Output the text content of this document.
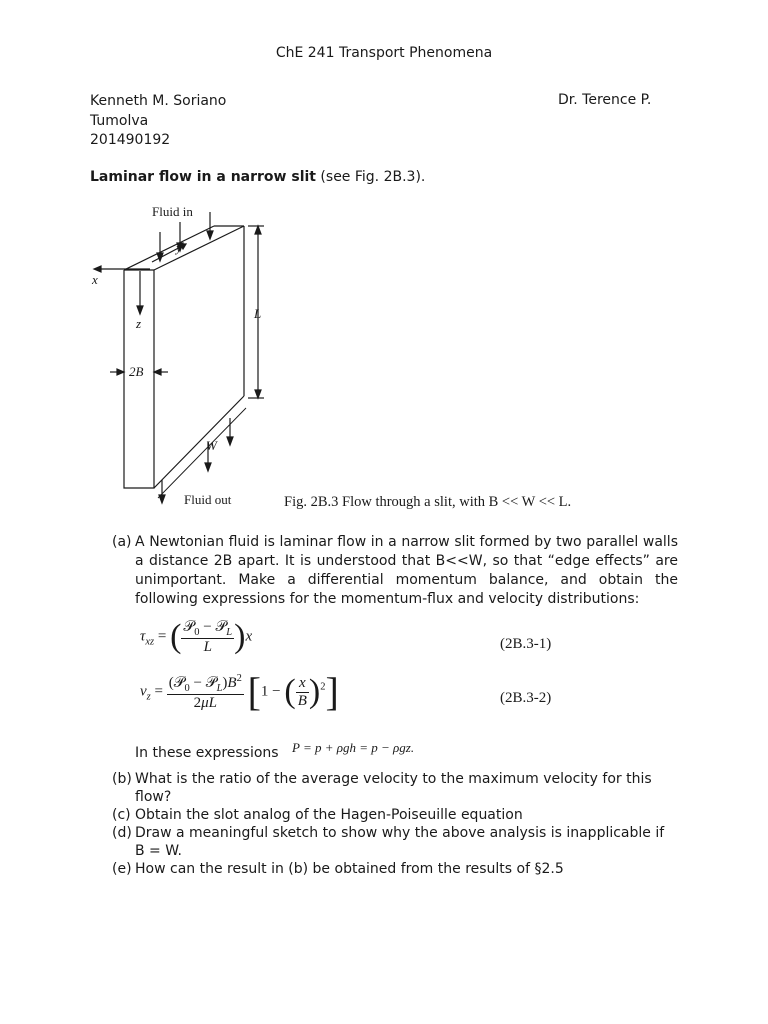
ChE 241 Transport Phenomena
Kenneth M. Soriano
Tumolva
201490192
Dr. Terence P.
Laminar flow in a narrow slit (see Fig. 2B.3).
Fluid in
y
x
z
L
2B
W
Fluid out	Fig. 2B.3 Flow through a slit, with B << W << L.
(a) A Newtonian fluid is laminar flow in a narrow slit formed by two parallel walls a distance 2B apart. It is understood that B<<W, so that “edge effects” are unimportant. Make a differential momentum balance, and obtain the following expressions for the momentum-flux and velocity distributions:
$\tau_{xz}$ = ( $\frac{𝒫_0 - 𝒫_L}{L} )x$	(2B.3-1)
$v_z = \frac{(𝒫_0 - 𝒫_L)B^2}{2\mu L} [1$ − ( $\frac{x}{B} )^2$]	(2B.3-2)
In these expressions P = p + ρgh = p − ρgz.
(b) What is the ratio of the average velocity to the maximum velocity for this flow?
(c) Obtain the slot analog of the Hagen-Poiseuille equation
(d) Draw a meaningful sketch to show why the above analysis is inapplicable if B = W.
(e) How can the result in (b) be obtained from the results of §2.5
